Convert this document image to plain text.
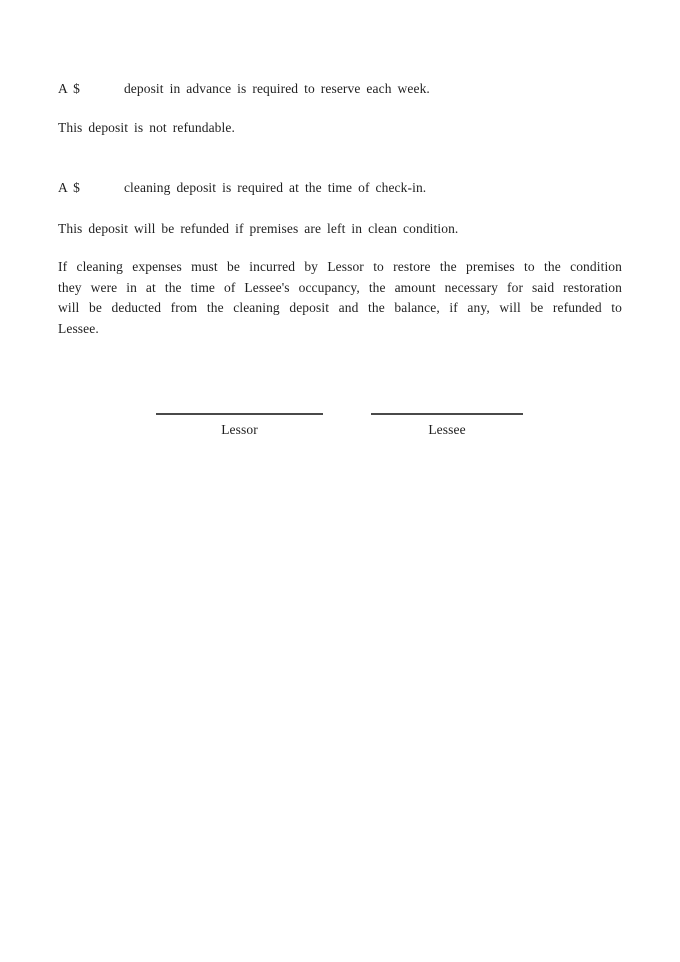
A $	deposit in advance is required to reserve each week.
This deposit is not refundable.
A $	cleaning deposit is required at the time of check-in.
This deposit will be refunded if premises are left in clean condition.
If cleaning expenses must be incurred by Lessor to restore the premises to the condition
they were in at the time of Lessee's occupancy, the amount necessary for said restoration
will be deducted from the cleaning deposit and the balance, if any, will be refunded to
Lessee.
Lessor	Lessee
